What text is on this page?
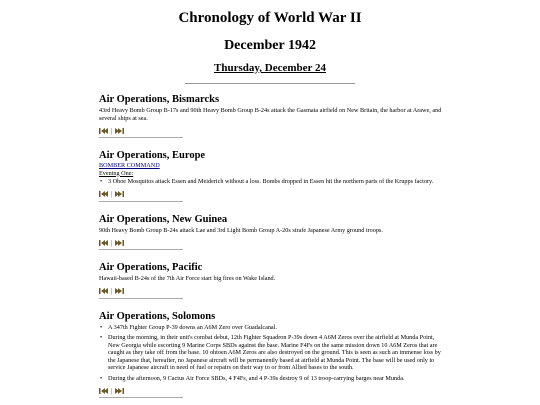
Chronology of World War II
December 1942
Thursday, December 24
Air Operations, Bismarcks

43rd Heavy Bomb Group B-17s and 90th Heavy Bomb Group B-24s attack the Gasmata airfield on New Britain, the harbor at Arawe, and several ships at sea.

|
Air Operations, Europe
BOMBER COMMAND
Evening One:
• 3 Oboe Mosquitos attack Essen and Meiderich without a loss. Bombs dropped in Essen hit the northern parts of the Krupps factory.
|
Air Operations, New Guinea

90th Heavy Bomb Group B-24s attack Lae and 3rd Light Bomb Group A-20s strafe Japanese Army ground troops.

|
Air Operations, Pacific

Hawaii-based B-24s of the 7th Air Force start big fires on Wake Island.

|
Air Operations, Solomons
• A 347th Fighter Group P-39 downs an A6M Zero over Guadalcanal.
• During the morning, in their unit's combat debut, 12th Fighter Squadron P-39s down 4 A6M Zeros over the airfield at Munda Point, New Georgia while escorting 9 Marine Corps SBDs against the base. Marine F4Fs on the same mission down 10 A6M Zeros that are caught as they take off from the base. 10 ohtoen A6M Zeros are also destroyed on the ground. This is seen as such an immense loss by the Japanese that, hereafter, no Japanese aircraft will be permanently based at airfield at Munda Point. The base will be used only to service Japanese aircraft in need of fuel or repairs on their way to or from Allied bases to the south.
• During the afternoon, 9 Cactus Air Force SBDs, 4 F4Fs, and 4 P-39s destroy 9 of 13 troop-carrying barges near Munda.
|
